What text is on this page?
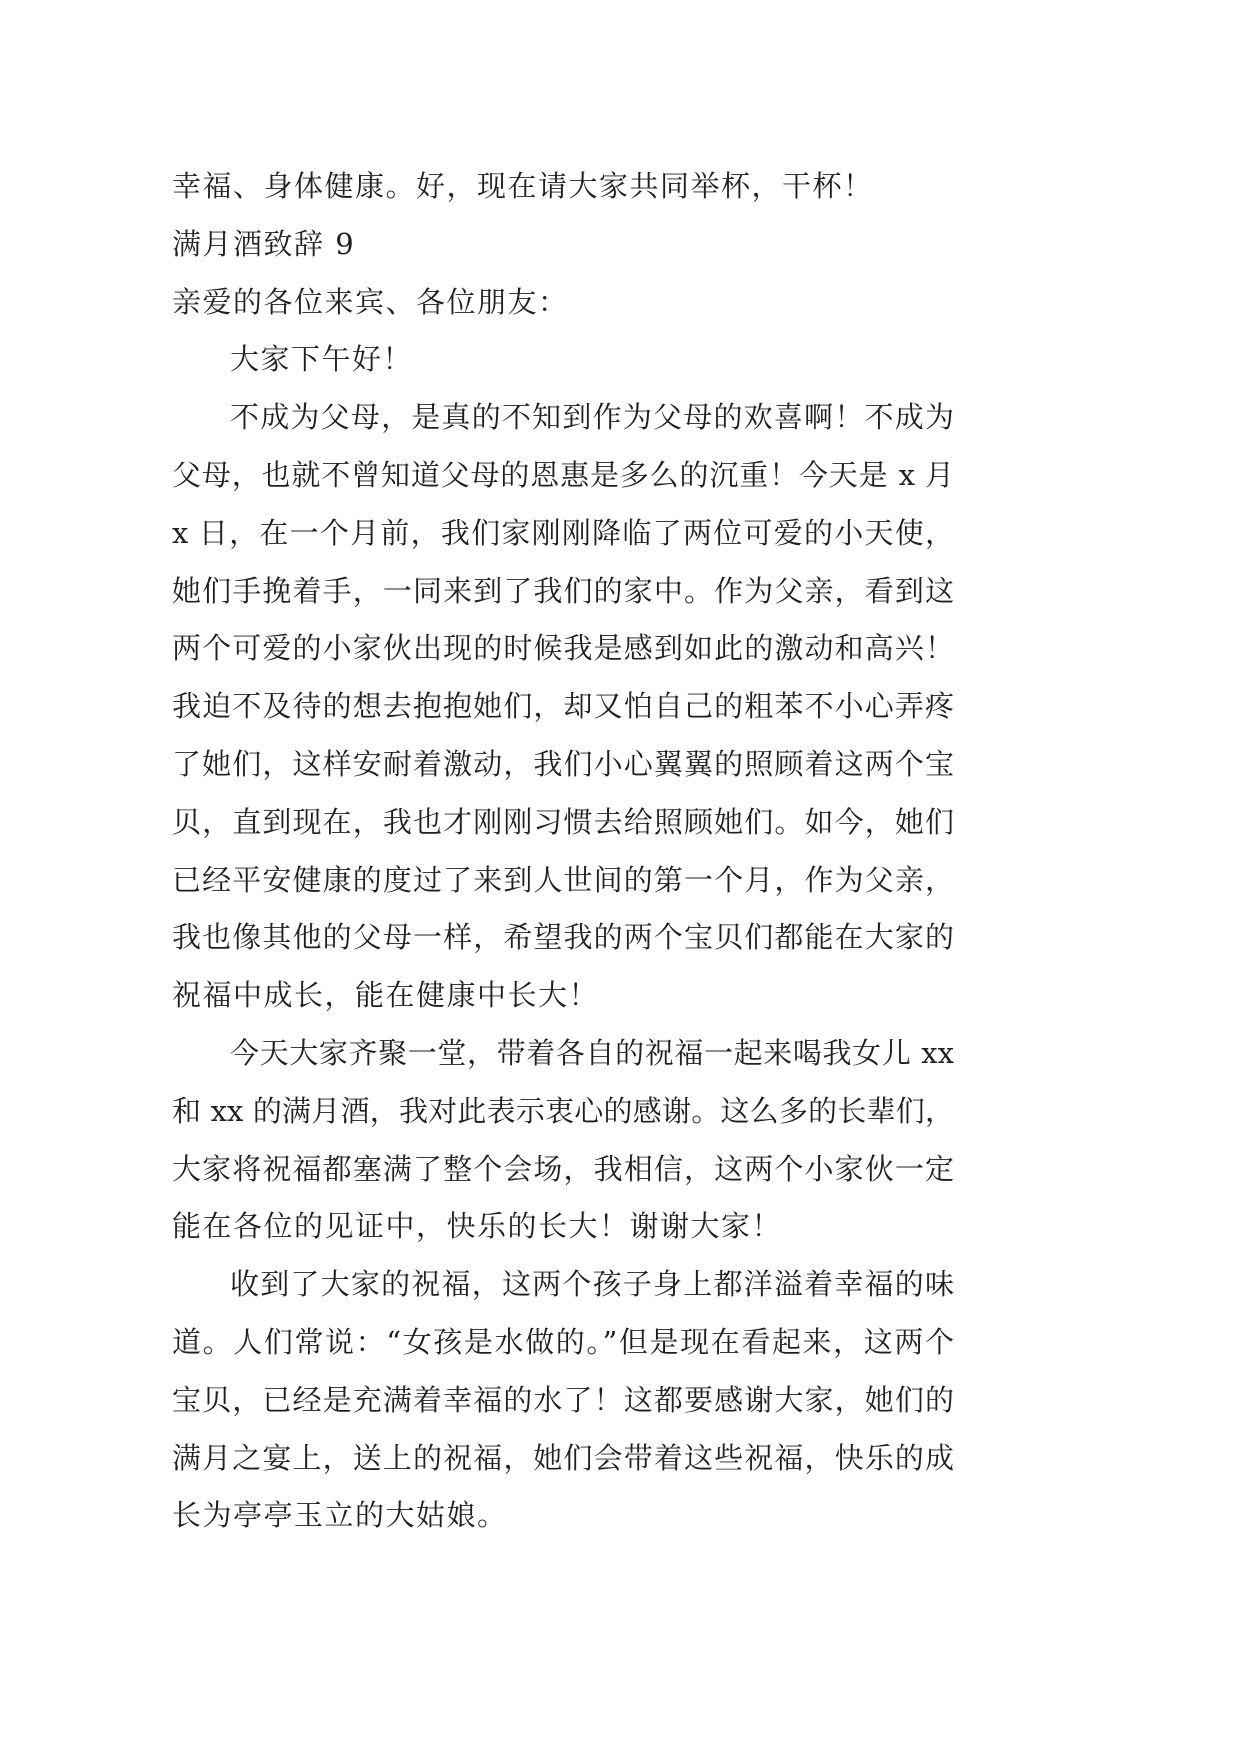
幸福、身体健康。好，现在请大家共同举杯，干杯！
满月酒致辞 9
亲爱的各位来宾、各位朋友：
大家下午好！
不成为父母，是真的不知到作为父母的欢喜啊！不成为
父母，也就不曾知道父母的恩惠是多么的沉重！今天是 x 月
x 日，在一个月前，我们家刚刚降临了两位可爱的小天使，
她们手挽着手，一同来到了我们的家中。作为父亲，看到这
两个可爱的小家伙出现的时候我是感到如此的激动和高兴！
我迫不及待的想去抱抱她们，却又怕自己的粗苯不小心弄疼
了她们，这样安耐着激动，我们小心翼翼的照顾着这两个宝
贝，直到现在，我也才刚刚习惯去给照顾她们。如今，她们
已经平安健康的度过了来到人世间的第一个月，作为父亲，
我也像其他的父母一样，希望我的两个宝贝们都能在大家的
祝福中成长，能在健康中长大！
今天大家齐聚一堂，带着各自的祝福一起来喝我女儿 xx
和 xx 的满月酒，我对此表示衷心的感谢。这么多的长辈们，
大家将祝福都塞满了整个会场，我相信，这两个小家伙一定
能在各位的见证中，快乐的长大！谢谢大家！
收到了大家的祝福，这两个孩子身上都洋溢着幸福的味
道。人们常说：“女孩是水做的。”但是现在看起来，这两个
宝贝，已经是充满着幸福的水了！这都要感谢大家，她们的
满月之宴上，送上的祝福，她们会带着这些祝福，快乐的成
长为亭亭玉立的大姑娘。
